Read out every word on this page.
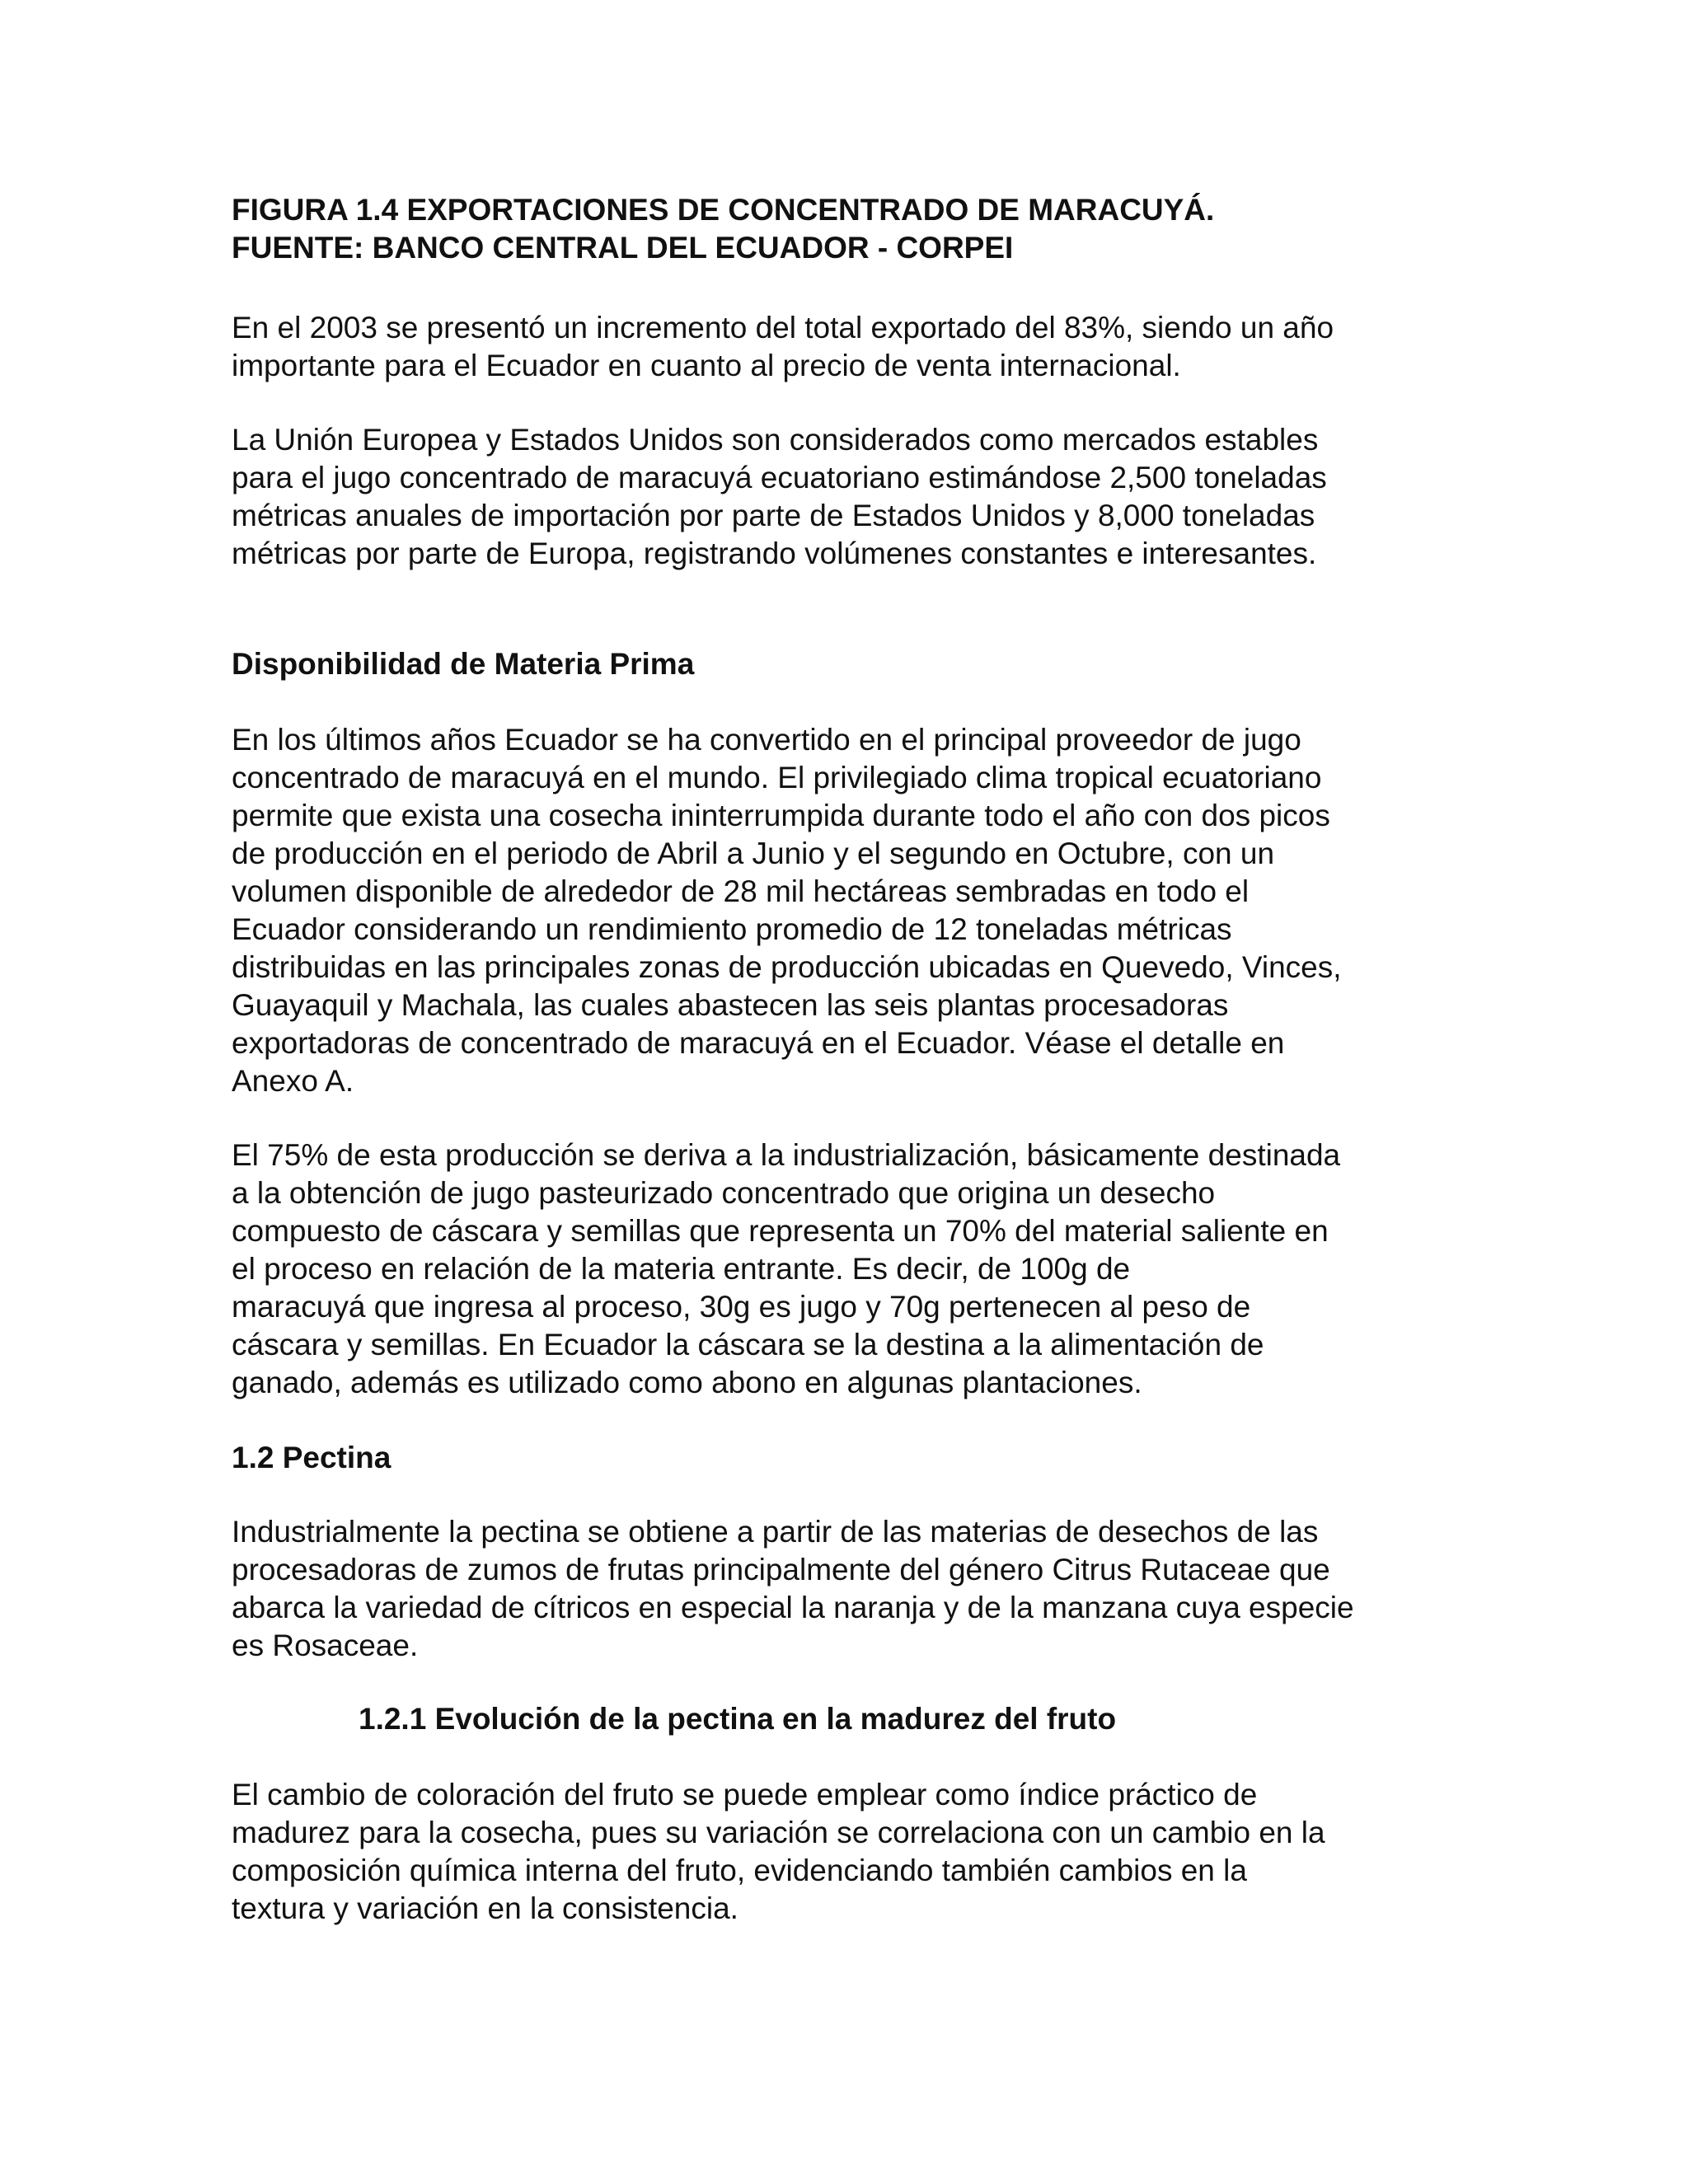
FIGURA 1.4 EXPORTACIONES DE CONCENTRADO DE MARACUYÁ.
FUENTE: BANCO CENTRAL DEL ECUADOR - CORPEI
En el 2003 se presentó un incremento del total exportado del 83%, siendo un año
importante para el Ecuador en cuanto al precio de venta internacional.
La Unión Europea y Estados Unidos son considerados como mercados estables
para el jugo concentrado de maracuyá ecuatoriano estimándose 2,500 toneladas
métricas anuales de importación por parte de Estados Unidos y 8,000 toneladas
métricas por parte de Europa, registrando volúmenes constantes e interesantes.
Disponibilidad de Materia Prima
En los últimos años Ecuador se ha convertido en el principal proveedor de jugo
concentrado de maracuyá en el mundo. El privilegiado clima tropical ecuatoriano
permite que exista una cosecha ininterrumpida durante todo el año con dos picos
de producción en el periodo de Abril a Junio y el segundo en Octubre, con un
volumen disponible de alrededor de 28 mil hectáreas sembradas en todo el
Ecuador considerando un rendimiento promedio de 12 toneladas métricas
distribuidas en las principales zonas de producción ubicadas en Quevedo, Vinces,
Guayaquil y Machala, las cuales abastecen las seis plantas procesadoras
exportadoras de concentrado de maracuyá en el Ecuador. Véase el detalle en
Anexo A.
El 75% de esta producción se deriva a la industrialización, básicamente destinada
a la obtención de jugo pasteurizado concentrado que origina un desecho
compuesto de cáscara y semillas que representa un 70% del material saliente en
el proceso en relación de la materia entrante. Es decir, de 100g de
maracuyá que ingresa al proceso, 30g es jugo y 70g pertenecen al peso de
cáscara y semillas. En Ecuador la cáscara se la destina a la alimentación de
ganado, además es utilizado como abono en algunas plantaciones.
1.2 Pectina
Industrialmente la pectina se obtiene a partir de las materias de desechos de las
procesadoras de zumos de frutas principalmente del género Citrus Rutaceae que
abarca la variedad de cítricos en especial la naranja y de la manzana cuya especie
es Rosaceae.
1.2.1 Evolución de la pectina en la madurez del fruto
El cambio de coloración del fruto se puede emplear como índice práctico de
madurez para la cosecha, pues su variación se correlaciona con un cambio en la
composición química interna del fruto, evidenciando también cambios en la
textura y variación en la consistencia.
